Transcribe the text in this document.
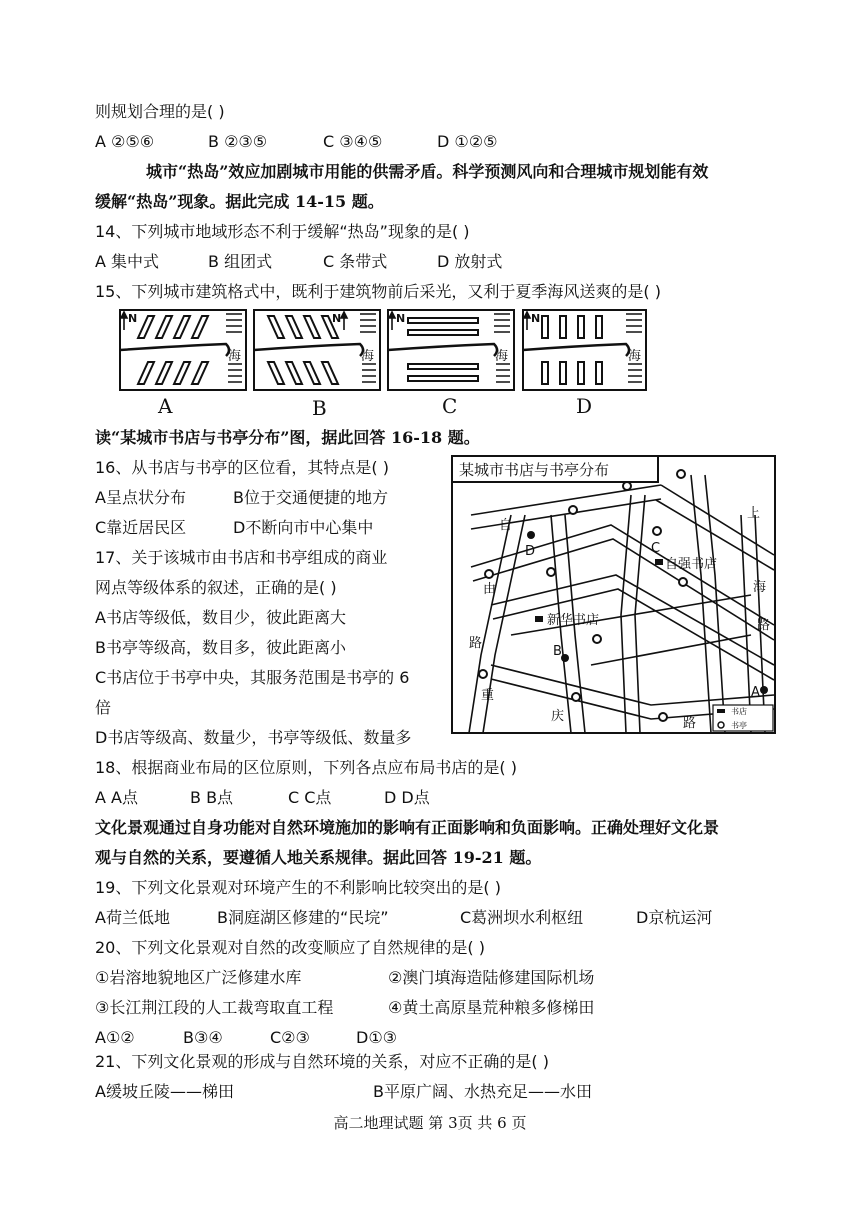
则规划合理的是( )
A ②⑤⑥	B ②③⑤	C ③④⑤	D ①②⑤
城市“热岛”效应加剧城市用能的供需矛盾。科学预测风向和合理城市规划能有效
缓解“热岛”现象。据此完成 14-15 题。
14、下列城市地域形态不利于缓解“热岛”现象的是( )
A 集中式	B 组团式	C 条带式	D 放射式
15、下列城市建筑格式中，既利于建筑物前后采光，又利于夏季海风送爽的是( )
N	N	N	N
海	海	海	海
A	B	C	D
读“某城市书店与书亭分布”图，据此回答 16-18 题。
16、从书店与书亭的区位看，其特点是( )
A呈点状分布	B位于交通便捷的地方
C靠近居民区	D不断向市中心集中
17、关于该城市由书店和书亭组成的商业
网点等级体系的叙述，正确的是( )
A书店等级低，数目少，彼此距离大
B书亭等级高，数目多，彼此距离小
C书店位于书亭中央，其服务范围是书亭的 6
倍
D书店等级高、数量少，书亭等级低、数量多
某城市书店与书亭分布
D	C
B
A
自强书店
新华书店
自
由
路
重
庆	路
上
海
路
书店
书亭
18、根据商业布局的区位原则，下列各点应布局书店的是( )
A A点	B B点	C C点	D D点
文化景观通过自身功能对自然环境施加的影响有正面影响和负面影响。正确处理好文化景
观与自然的关系，要遵循人地关系规律。据此回答 19-21 题。
19、下列文化景观对环境产生的不利影响比较突出的是( )
A荷兰低地	B洞庭湖区修建的“民垸”	C葛洲坝水利枢纽	D京杭运河
20、下列文化景观对自然的改变顺应了自然规律的是( )
①岩溶地貌地区广泛修建水库	②澳门填海造陆修建国际机场
③长江荆江段的人工裁弯取直工程	④黄土高原垦荒种粮多修梯田
A①②	B③④	C②③	D①③
21、下列文化景观的形成与自然环境的关系，对应不正确的是( )
A缓坡丘陵——梯田	B平原广阔、水热充足——水田
高二地理试题 第 3页 共 6 页
